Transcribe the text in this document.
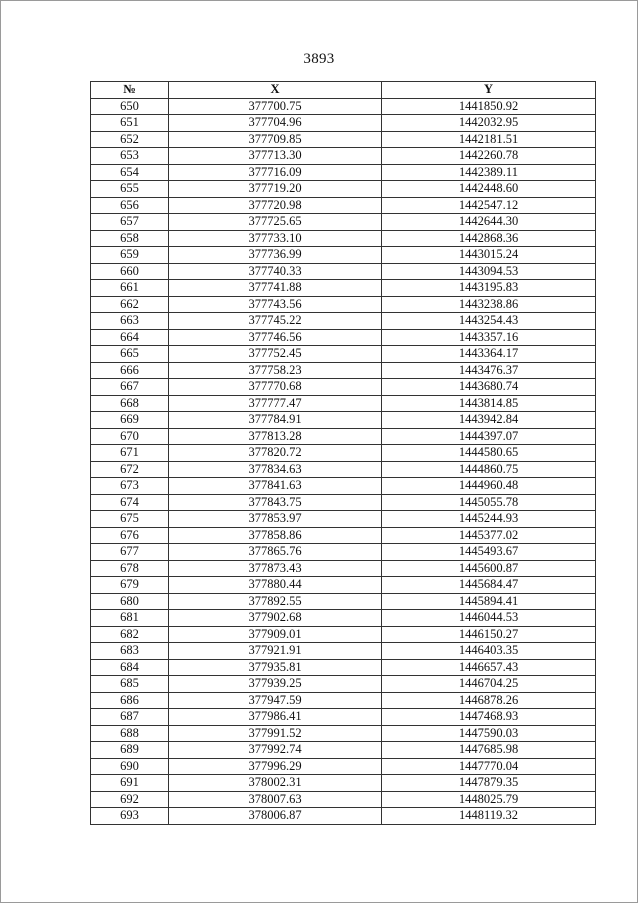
3893
№	X	Y
650	377700.75	1441850.92
651	377704.96	1442032.95
652	377709.85	1442181.51
653	377713.30	1442260.78
654	377716.09	1442389.11
655	377719.20	1442448.60
656	377720.98	1442547.12
657	377725.65	1442644.30
658	377733.10	1442868.36
659	377736.99	1443015.24
660	377740.33	1443094.53
661	377741.88	1443195.83
662	377743.56	1443238.86
663	377745.22	1443254.43
664	377746.56	1443357.16
665	377752.45	1443364.17
666	377758.23	1443476.37
667	377770.68	1443680.74
668	377777.47	1443814.85
669	377784.91	1443942.84
670	377813.28	1444397.07
671	377820.72	1444580.65
672	377834.63	1444860.75
673	377841.63	1444960.48
674	377843.75	1445055.78
675	377853.97	1445244.93
676	377858.86	1445377.02
677	377865.76	1445493.67
678	377873.43	1445600.87
679	377880.44	1445684.47
680	377892.55	1445894.41
681	377902.68	1446044.53
682	377909.01	1446150.27
683	377921.91	1446403.35
684	377935.81	1446657.43
685	377939.25	1446704.25
686	377947.59	1446878.26
687	377986.41	1447468.93
688	377991.52	1447590.03
689	377992.74	1447685.98
690	377996.29	1447770.04
691	378002.31	1447879.35
692	378007.63	1448025.79
693	378006.87	1448119.32
